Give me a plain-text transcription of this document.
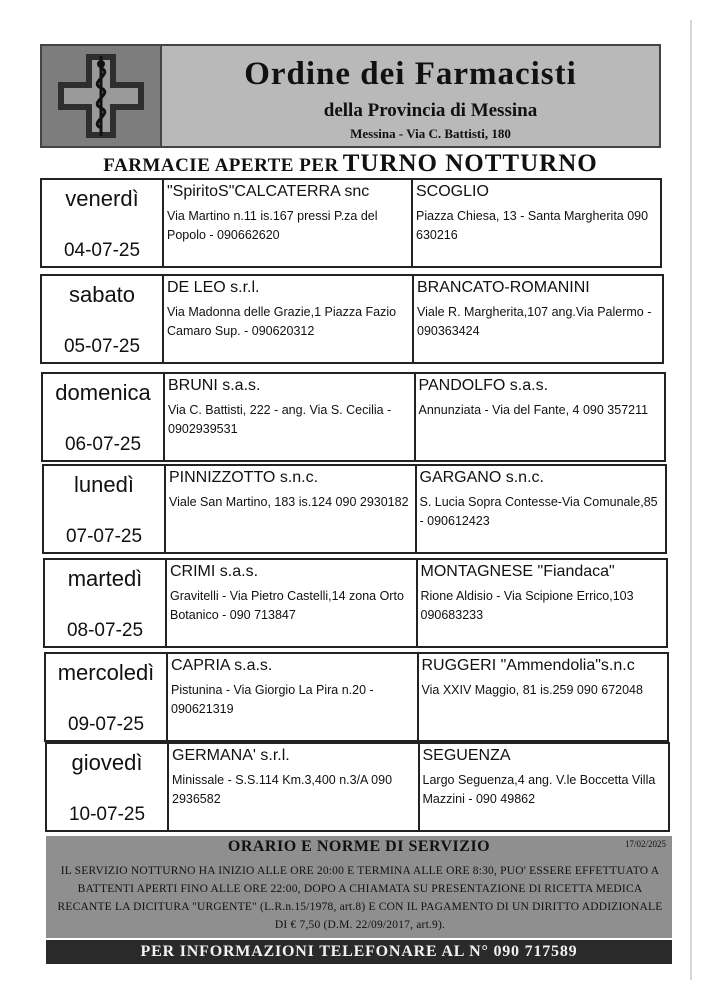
Ordine dei Farmacisti
della Provincia di Messina
Messina - Via C. Battisti, 180
FARMACIE APERTE PER TURNO NOTTURNO
venerdì
04-07-25
"SpiritoS"CALCATERRA snc
Via Martino n.11 is.167 pressi P.za del Popolo - 090662620
SCOGLIO
Piazza Chiesa, 13 - Santa Margherita 090 630216
sabato
05-07-25
DE LEO s.r.l.
Via Madonna delle Grazie,1 Piazza Fazio Camaro Sup. - 090620312
BRANCATO-ROMANINI
Viale R. Margherita,107 ang.Via Palermo - 090363424
domenica
06-07-25
BRUNI s.a.s.
Via C. Battisti, 222 - ang. Via S. Cecilia - 0902939531
PANDOLFO s.a.s.
Annunziata - Via del Fante, 4 090 357211
lunedì
07-07-25
PINNIZZOTTO s.n.c.
Viale San Martino, 183 is.124 090 2930182
GARGANO s.n.c.
S. Lucia Sopra Contesse-Via Comunale,85 - 090612423
martedì
08-07-25
CRIMI s.a.s.
Gravitelli - Via Pietro Castelli,14 zona Orto Botanico - 090 713847
MONTAGNESE "Fiandaca"
Rione Aldisio - Via Scipione Errico,103 090683233
mercoledì
09-07-25
CAPRIA s.a.s.
Pistunina - Via Giorgio La Pira n.20 - 090621319
RUGGERI "Ammendolia"s.n.c
Via XXIV Maggio, 81 is.259 090 672048
giovedì
10-07-25
GERMANA' s.r.l.
Minissale - S.S.114 Km.3,400 n.3/A 090 2936582
SEGUENZA
Largo Seguenza,4 ang. V.le Boccetta Villa Mazzini - 090 49862
ORARIO E NORME DI SERVIZIO	17/02/2025
IL SERVIZIO NOTTURNO HA INIZIO ALLE ORE 20:00 E TERMINA ALLE ORE 8:30, PUO' ESSERE EFFETTUATO A BATTENTI APERTI FINO ALLE ORE 22:00, DOPO A CHIAMATA SU PRESENTAZIONE DI RICETTA MEDICA RECANTE LA DICITURA "URGENTE" (L.R.n.15/1978, art.8) E CON IL PAGAMENTO DI UN DIRITTO ADDIZIONALE DI € 7,50 (D.M. 22/09/2017, art.9).
PER INFORMAZIONI TELEFONARE AL N° 090 717589
